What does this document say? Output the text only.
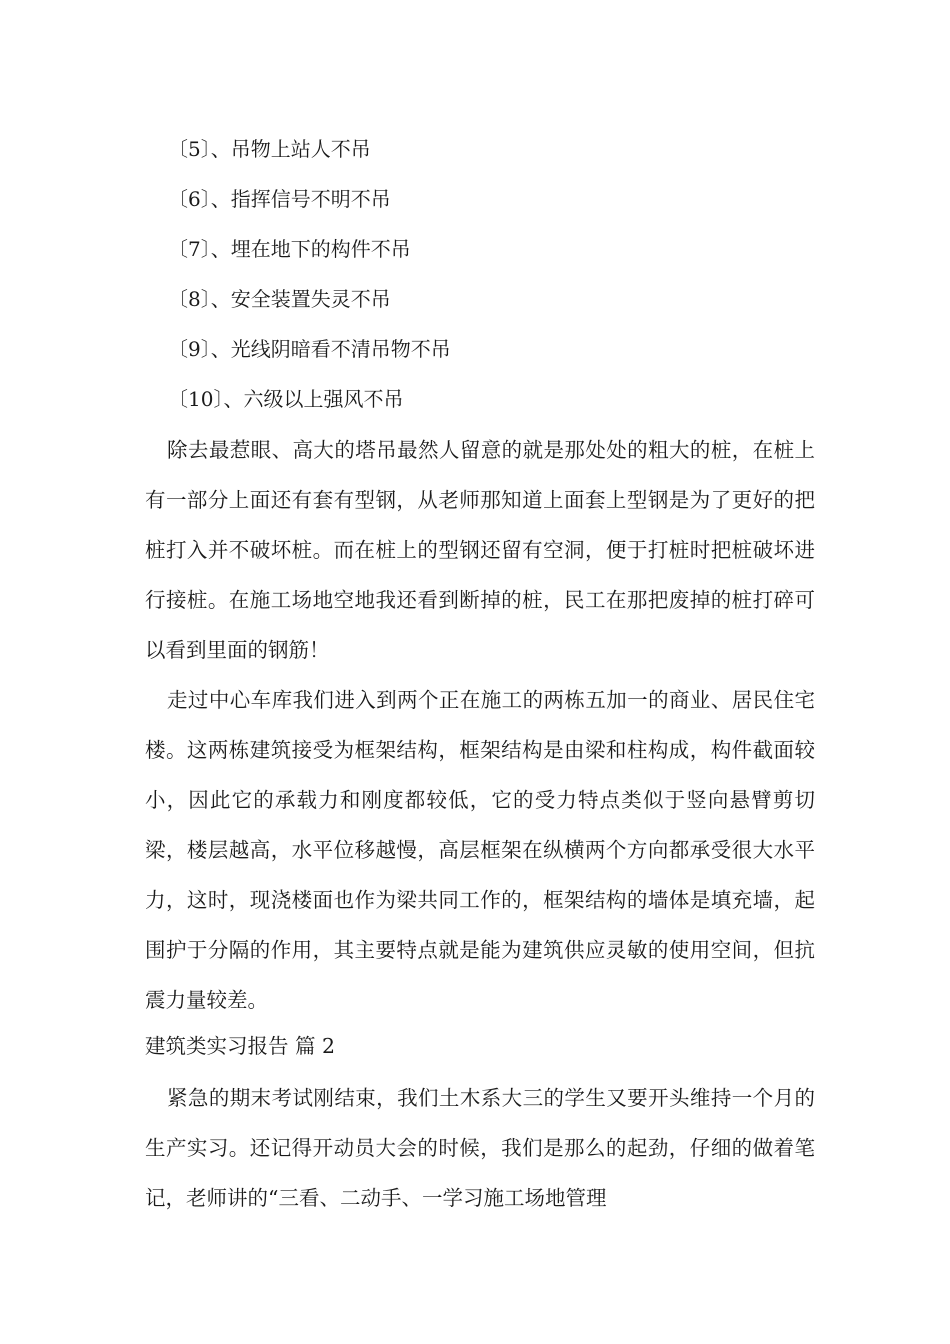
〔5〕、吊物上站人不吊
〔6〕、指挥信号不明不吊
〔7〕、埋在地下的构件不吊
〔8〕、安全装置失灵不吊
〔9〕、光线阴暗看不清吊物不吊
〔10〕、六级以上强风不吊

除去最惹眼、高大的塔吊最然人留意的就是那处处的粗大的桩，在桩上有一部分上面还有套有型钢，从老师那知道上面套上型钢是为了更好的把桩打入并不破坏桩。而在桩上的型钢还留有空洞，便于打桩时把桩破坏进行接桩。在施工场地空地我还看到断掉的桩，民工在那把废掉的桩打碎可以看到里面的钢筋！

走过中心车库我们进入到两个正在施工的两栋五加一的商业、居民住宅楼。这两栋建筑接受为框架结构，框架结构是由梁和柱构成，构件截面较小，因此它的承载力和刚度都较低，它的受力特点类似于竖向悬臂剪切梁，楼层越高，水平位移越慢，高层框架在纵横两个方向都承受很大水平力，这时，现浇楼面也作为梁共同工作的，框架结构的墙体是填充墙，起围护于分隔的作用，其主要特点就是能为建筑供应灵敏的使用空间，但抗震力量较差。

建筑类实习报告 篇 2

紧急的期末考试刚结束，我们土木系大三的学生又要开头维持一个月的生产实习。还记得开动员大会的时候，我们是那么的起劲，仔细的做着笔记，老师讲的“三看、二动手、一学习施工场地管理
